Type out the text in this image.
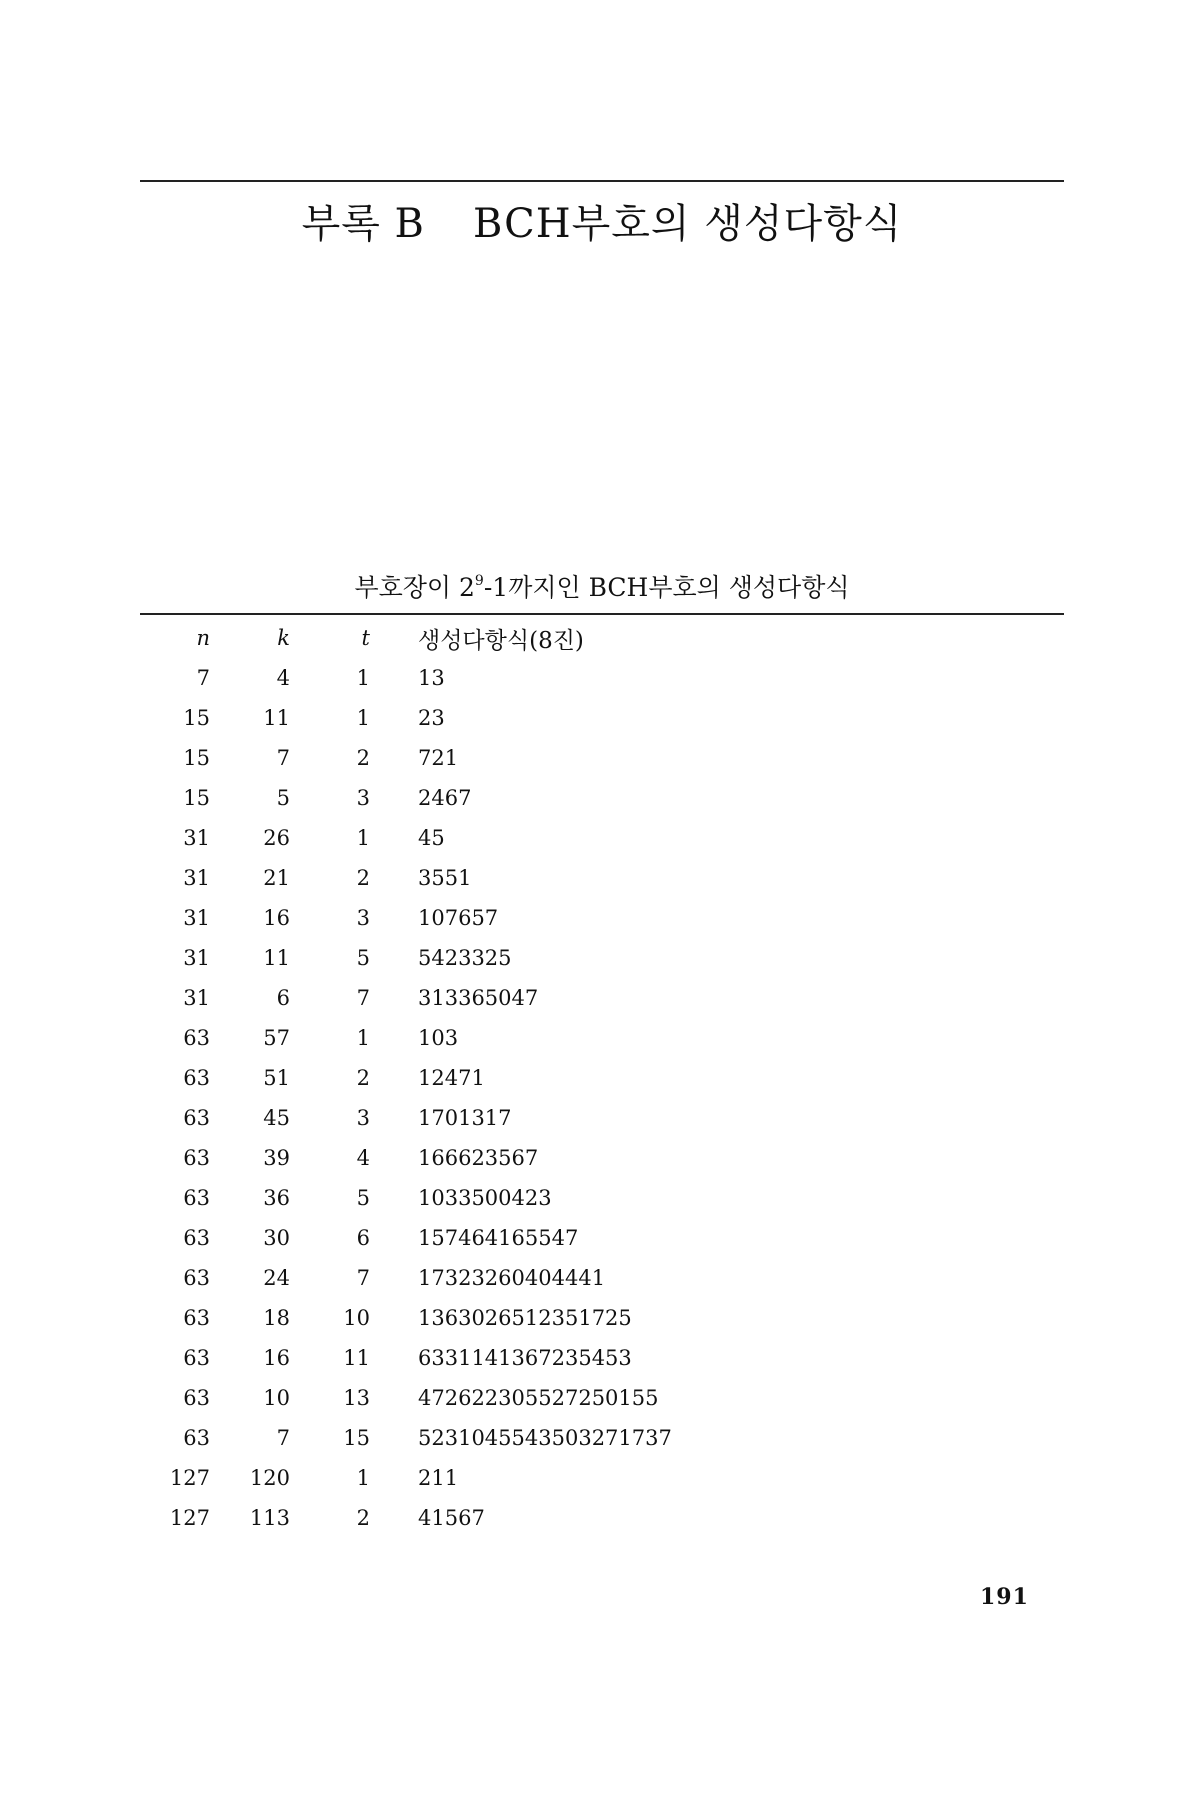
부록 B BCH부호의 생성다항식
부호장이 $2^9-1$까지인 BCH부호의 생성다항식
n	k	t	생성다항식(8진)
7	4	1	13
15	11	1	23
15	7	2	721
15	5	3	2467
31	26	1	45
31	21	2	3551
31	16	3	107657
31	11	5	5423325
31	6	7	313365047
63	57	1	103
63	51	2	12471
63	45	3	1701317
63	39	4	166623567
63	36	5	1033500423
63	30	6	157464165547
63	24	7	17323260404441
63	18	10	1363026512351725
63	16	11	6331141367235453
63	10	13	472622305527250155
63	7	15	5231045543503271737
127	120	1	211
127	113	2	41567
191
